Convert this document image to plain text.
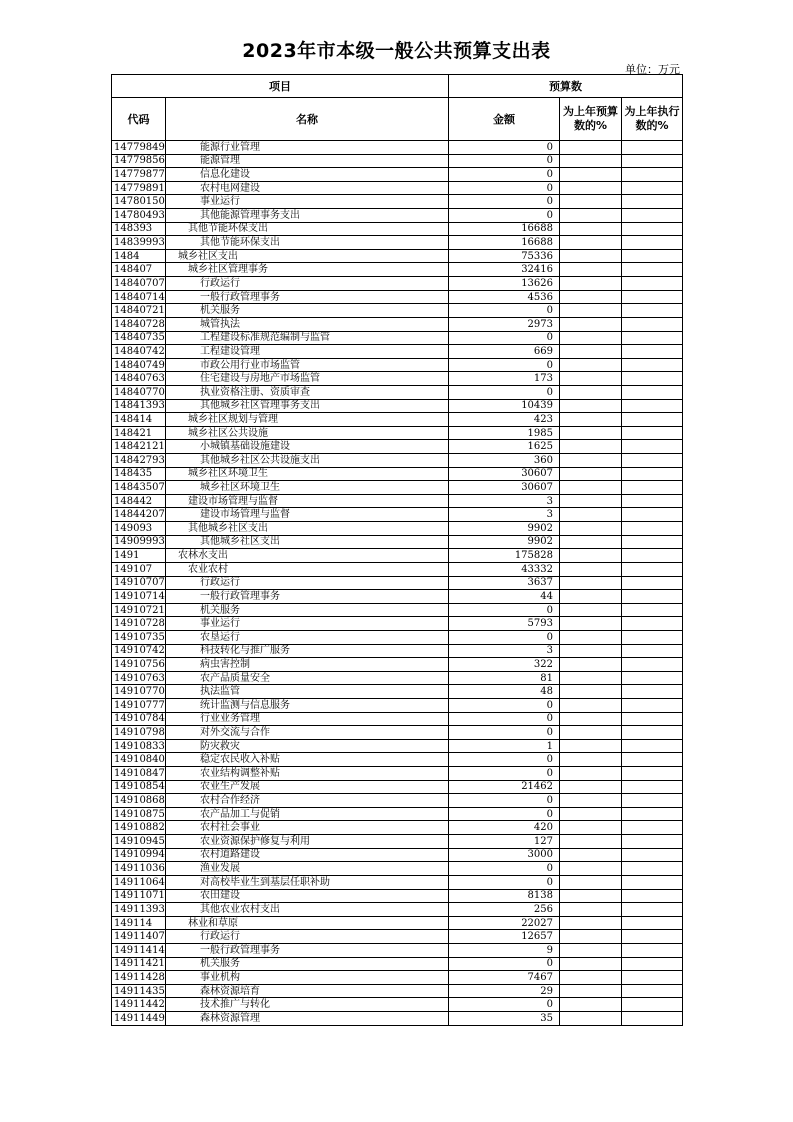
2023年市本级一般公共预算支出表
单位：万元
项目		预算数		
代码	名称	金额	为上年预算数的%	为上年执行数的%
14779849	能源行业管理	0		
14779856	能源管理	0		
14779877	信息化建设	0		
14779891	农村电网建设	0		
14780150	事业运行	0		
14780493	其他能源管理事务支出	0		
148393	其他节能环保支出	16688		
14839993	其他节能环保支出	16688		
1484	城乡社区支出	75336		
148407	城乡社区管理事务	32416		
14840707	行政运行	13626		
14840714	一般行政管理事务	4536		
14840721	机关服务	0		
14840728	城管执法	2973		
14840735	工程建设标准规范编制与监管	0		
14840742	工程建设管理	669		
14840749	市政公用行业市场监管	0		
14840763	住宅建设与房地产市场监管	173		
14840770	执业资格注册、资质审查	0		
14841393	其他城乡社区管理事务支出	10439		
148414	城乡社区规划与管理	423		
148421	城乡社区公共设施	1985		
14842121	小城镇基础设施建设	1625		
14842793	其他城乡社区公共设施支出	360		
148435	城乡社区环境卫生	30607		
14843507	城乡社区环境卫生	30607		
148442	建设市场管理与监督	3		
14844207	建设市场管理与监督	3		
149093	其他城乡社区支出	9902		
14909993	其他城乡社区支出	9902		
1491	农林水支出	175828		
149107	农业农村	43332		
14910707	行政运行	3637		
14910714	一般行政管理事务	44		
14910721	机关服务	0		
14910728	事业运行	5793		
14910735	农垦运行	0		
14910742	科技转化与推广服务	3		
14910756	病虫害控制	322		
14910763	农产品质量安全	81		
14910770	执法监管	48		
14910777	统计监测与信息服务	0		
14910784	行业业务管理	0		
14910798	对外交流与合作	0		
14910833	防灾救灾	1		
14910840	稳定农民收入补贴	0		
14910847	农业结构调整补贴	0		
14910854	农业生产发展	21462		
14910868	农村合作经济	0		
14910875	农产品加工与促销	0		
14910882	农村社会事业	420		
14910945	农业资源保护修复与利用	127		
14910994	农村道路建设	3000		
14911036	渔业发展	0		
14911064	对高校毕业生到基层任职补助	0		
14911071	农田建设	8138		
14911393	其他农业农村支出	256		
149114	林业和草原	22027		
14911407	行政运行	12657		
14911414	一般行政管理事务	9		
14911421	机关服务	0		
14911428	事业机构	7467		
14911435	森林资源培育	29		
14911442	技术推广与转化	0		
14911449	森林资源管理	35		
